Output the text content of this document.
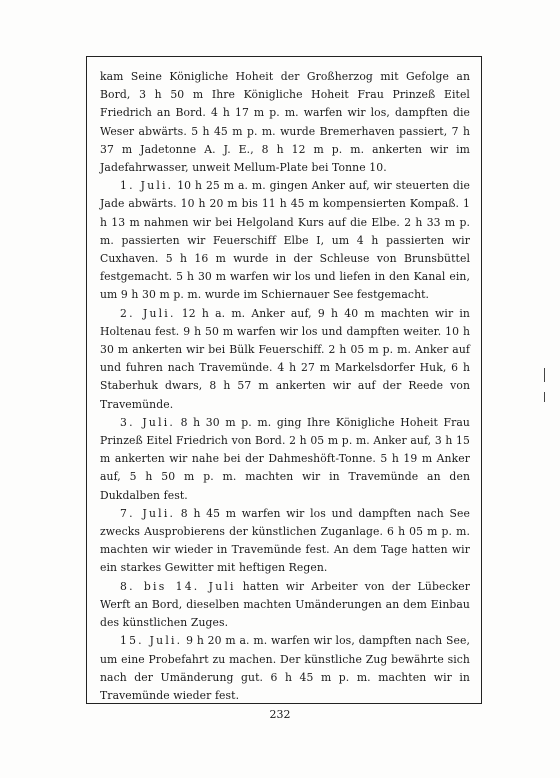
kam Seine Königliche Hoheit der Großherzog mit Gefolge an Bord, 3 h 50 m Ihre Königliche Hoheit Frau Prinzeß Eitel Friedrich an Bord. 4 h 17 m p. m. warfen wir los, dampften die Weser abwärts. 5 h 45 m p. m. wurde Bremerhaven passiert, 7 h 37 m Jadetonne A. J. E., 8 h 12 m p. m. ankerten wir im Jadefahrwasser, unweit Mellum-Plate bei Tonne 10.

1. Juli. 10 h 25 m a. m. gingen Anker auf, wir steuerten die Jade abwärts. 10 h 20 m bis 11 h 45 m kompensierten Kompaß. 1 h 13 m nahmen wir bei Helgoland Kurs auf die Elbe. 2 h 33 m p. m. passierten wir Feuerschiff Elbe I, um 4 h passierten wir Cuxhaven. 5 h 16 m wurde in der Schleuse von Brunsbüttel festgemacht. 5 h 30 m warfen wir los und liefen in den Kanal ein, um 9 h 30 m p. m. wurde im Schiernauer See festgemacht.

2. Juli. 12 h a. m. Anker auf, 9 h 40 m machten wir in Holtenau fest. 9 h 50 m warfen wir los und dampften weiter. 10 h 30 m ankerten wir bei Bülk Feuerschiff. 2 h 05 m p. m. Anker auf und fuhren nach Travemünde. 4 h 27 m Markelsdorfer Huk, 6 h Staberhuk dwars, 8 h 57 m ankerten wir auf der Reede von Travemünde.

3. Juli. 8 h 30 m p. m. ging Ihre Königliche Hoheit Frau Prinzeß Eitel Friedrich von Bord. 2 h 05 m p. m. Anker auf, 3 h 15 m ankerten wir nahe bei der Dahmeshöft-Tonne. 5 h 19 m Anker auf, 5 h 50 m p. m. machten wir in Travemünde an den Dukdalben fest.

7. Juli. 8 h 45 m warfen wir los und dampften nach See zwecks Ausprobierens der künstlichen Zuganlage. 6 h 05 m p. m. machten wir wieder in Travemünde fest. An dem Tage hatten wir ein starkes Gewitter mit heftigen Regen.

8. bis 14. Juli hatten wir Arbeiter von der Lübecker Werft an Bord, dieselben machten Umänderungen an dem Einbau des künstlichen Zuges.

15. Juli. 9 h 20 m a. m. warfen wir los, dampften nach See, um eine Probefahrt zu machen. Der künstliche Zug bewährte sich nach der Umänderung gut. 6 h 45 m p. m. machten wir in Travemünde wieder fest.

232
